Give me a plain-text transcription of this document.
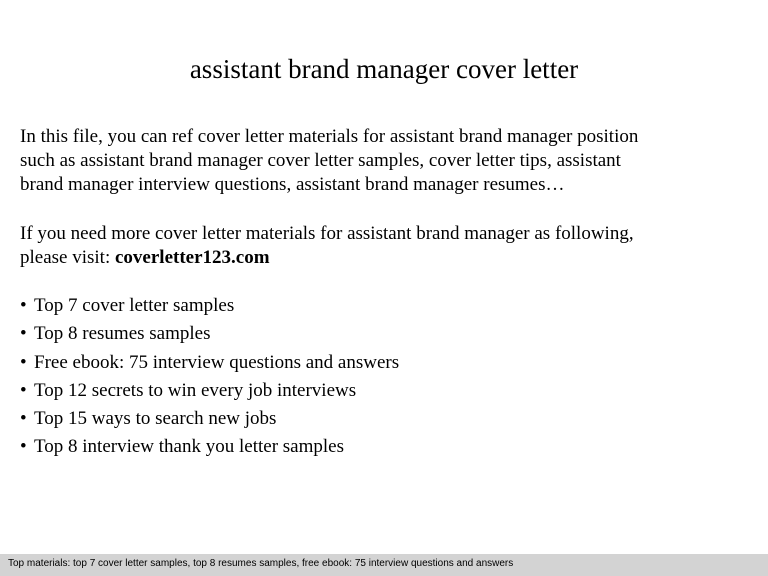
assistant brand manager cover letter

In this file, you can ref cover letter materials for assistant brand manager position

such as assistant brand manager cover letter samples, cover letter tips, assistant

brand manager interview questions, assistant brand manager resumes…

If you need more cover letter materials for assistant brand manager as following,

please visit: coverletter123.com

• Top 7 cover letter samples
• Top 8 resumes samples
• Free ebook: 75 interview questions and answers
• Top 12 secrets to win every job interviews
• Top 15 ways to search new jobs
• Top 8 interview thank you letter samples
Top materials: top 7 cover letter samples, top 8 resumes samples, free ebook: 75 interview questions and answers
